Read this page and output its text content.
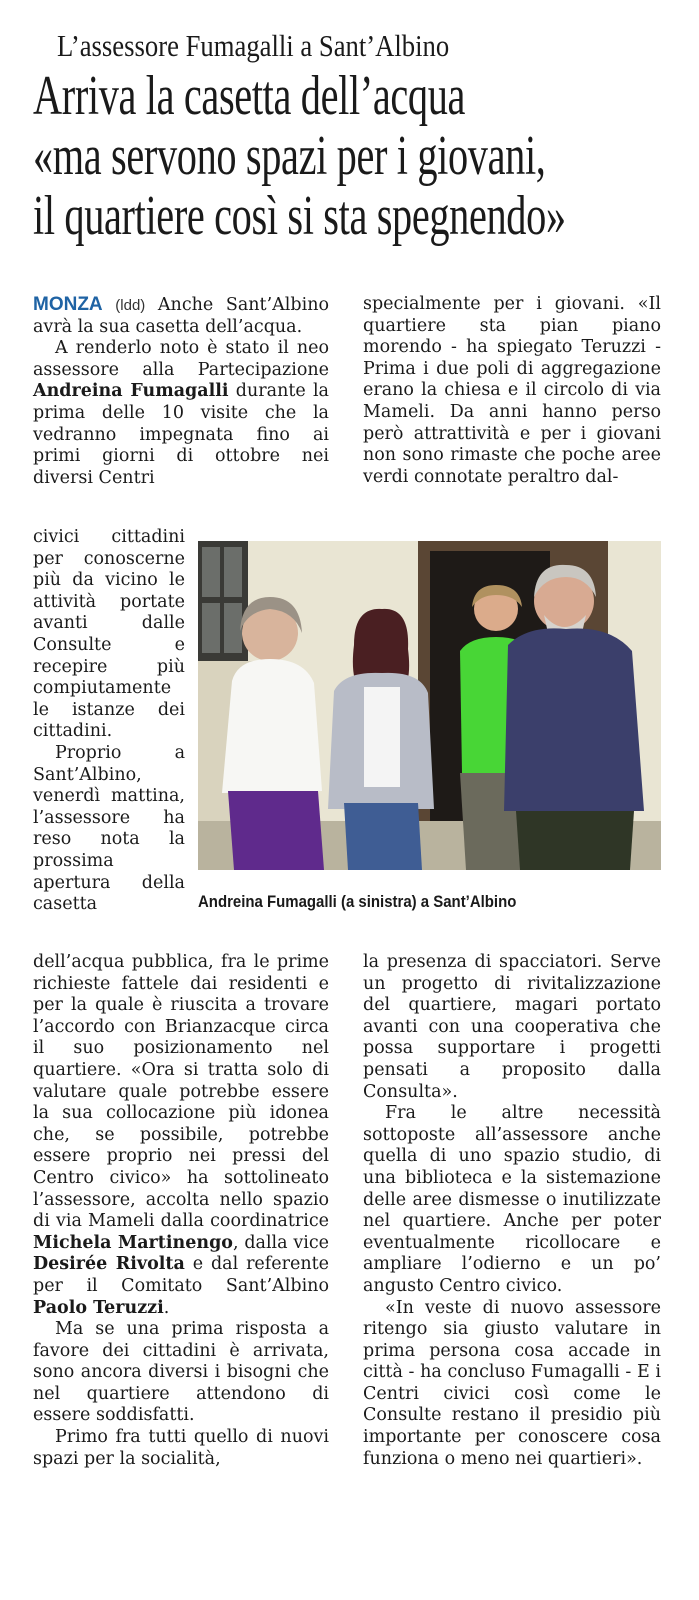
L’assessore Fumagalli a Sant’Albino
Arriva la casetta dell’acqua
«ma servono spazi per i giovani,
il quartiere così si sta spegnendo»

MONZA (ldd) Anche Sant’Albino avrà la sua casetta dell’acqua.

A renderlo noto è stato il neo assessore alla Partecipazione Andreina Fumagalli durante la prima delle 10 visite che la vedranno impegnata fino ai primi giorni di ottobre nei diversi Centri

civici cittadini per conoscerne più da vicino le attività portate avanti dalle Consulte e recepire più compiutamente le istanze dei cittadini.

Proprio a Sant’Albino, venerdì mattina, l’assessore ha reso nota la prossima apertura della casetta	Andreina Fumagalli (a sinistra) a Sant’Albino

dell’acqua pubblica, fra le prime richieste fattele dai residenti e per la quale è riuscita a trovare l’accordo con Brianzacque circa il suo posizionamento nel quartiere. «Ora si tratta solo di valutare quale potrebbe essere la sua collocazione più idonea che, se possibile, potrebbe essere proprio nei pressi del Centro civico» ha sottolineato l’assessore, accolta nello spazio di via Mameli dalla coordinatrice Michela Martinengo, dalla vice Desirée Rivolta e dal referente per il Comitato Sant’Albino Paolo Teruzzi.

Ma se una prima risposta a favore dei cittadini è arrivata, sono ancora diversi i bisogni che nel quartiere attendono di essere soddisfatti.

Primo fra tutti quello di nuovi spazi per la socialità,

specialmente per i giovani. «Il quartiere sta pian piano morendo - ha spiegato Teruzzi - Prima i due poli di aggregazione erano la chiesa e il circolo di via Mameli. Da anni hanno perso però attrattività e per i giovani non sono rimaste che poche aree verdi connotate peraltro dal-

la presenza di spacciatori. Serve un progetto di rivitalizzazione del quartiere, magari portato avanti con una cooperativa che possa supportare i progetti pensati a proposito dalla Consulta».

Fra le altre necessità sottoposte all’assessore anche quella di uno spazio studio, di una biblioteca e la sistemazione delle aree dismesse o inutilizzate nel quartiere. Anche per poter eventualmente ricollocare e ampliare l’odierno e un po’ angusto Centro civico.

«In veste di nuovo assessore ritengo sia giusto valutare in prima persona cosa accade in città - ha concluso Fumagalli - E i Centri civici così come le Consulte restano il presidio più importante per conoscere cosa funziona o meno nei quartieri».
